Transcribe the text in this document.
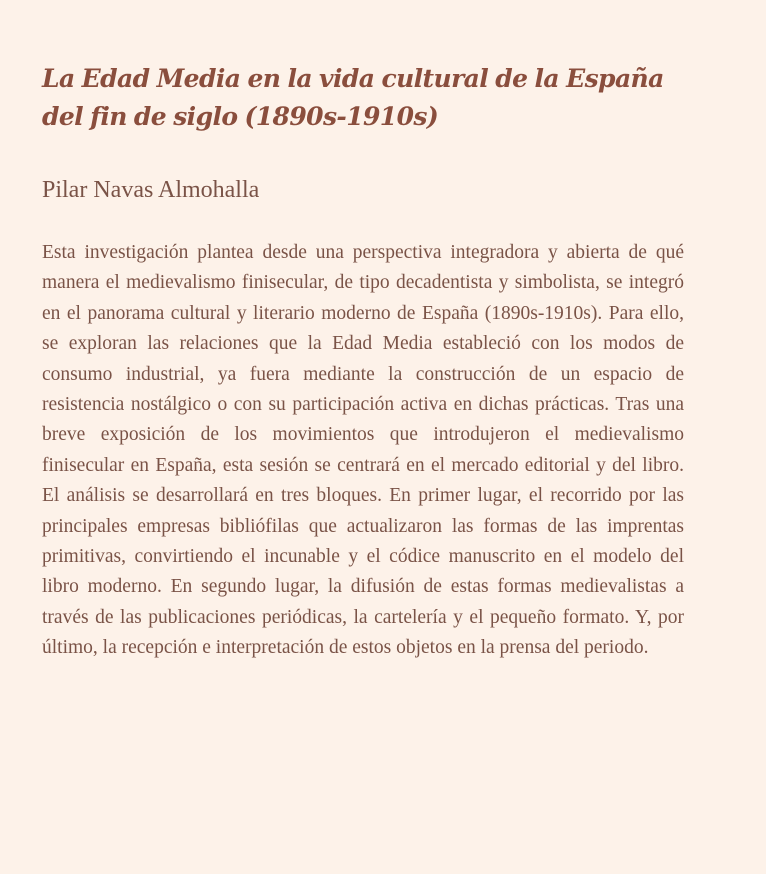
La Edad Media en la vida cultural de la España del fin de siglo (1890s-1910s)
Pilar Navas Almohalla

Esta investigación plantea desde una perspectiva integradora y abierta de qué manera el medievalismo finisecular, de tipo decadentista y simbolista, se integró en el panorama cultural y literario moderno de España (1890s-1910s). Para ello, se exploran las relaciones que la Edad Media estableció con los modos de consumo industrial, ya fuera mediante la construcción de un espacio de resistencia nostálgico o con su participación activa en dichas prácticas. Tras una breve exposición de los movimientos que introdujeron el medievalismo finisecular en España, esta sesión se centrará en el mercado editorial y del libro. El análisis se desarrollará en tres bloques. En primer lugar, el recorrido por las principales empresas bibliófilas que actualizaron las formas de las imprentas primitivas, convirtiendo el incunable y el códice manuscrito en el modelo del libro moderno. En segundo lugar, la difusión de estas formas medievalistas a través de las publicaciones periódicas, la cartelería y el pequeño formato. Y, por último, la recepción e interpretación de estos objetos en la prensa del periodo.
